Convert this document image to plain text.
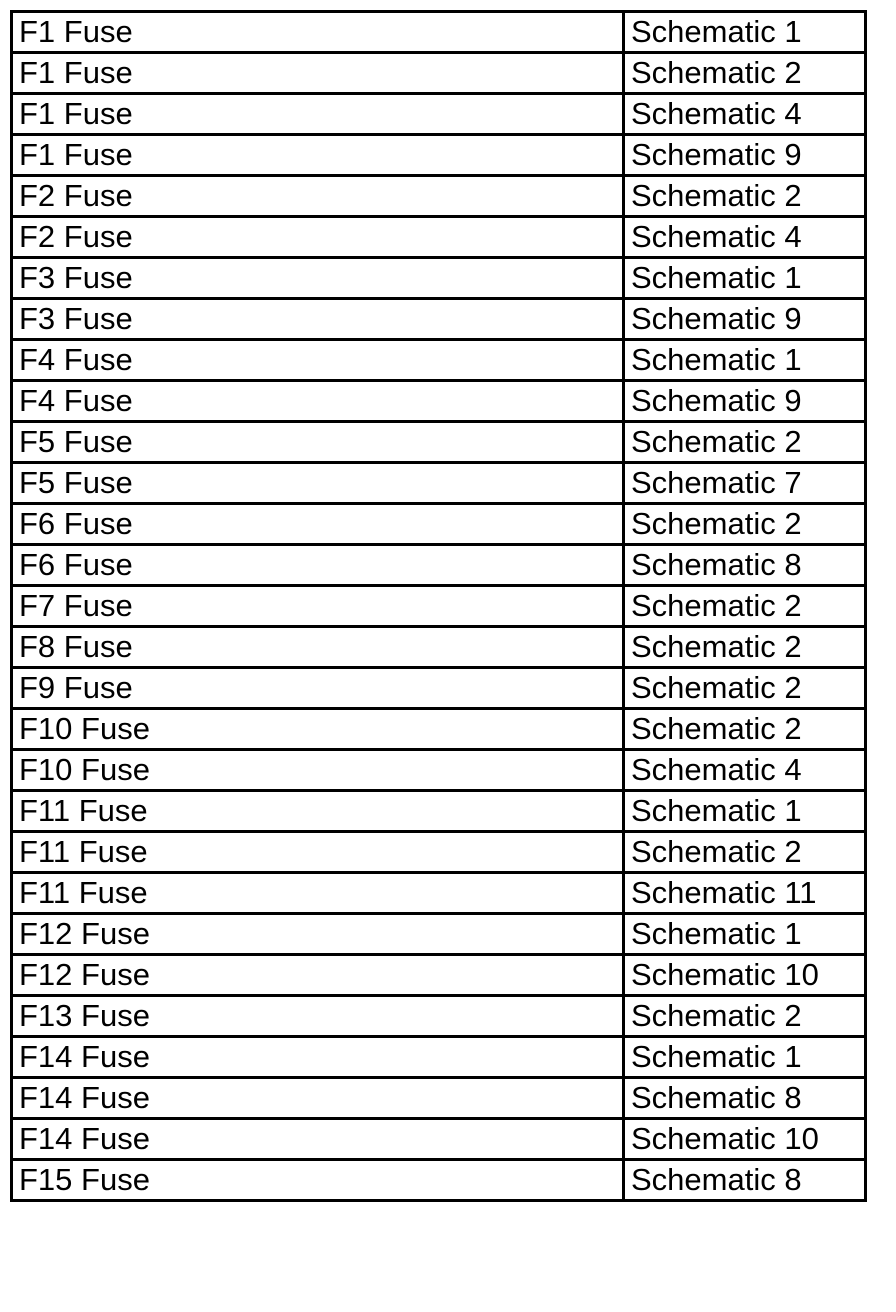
F1 Fuse	Schematic 1
F1 Fuse	Schematic 2
F1 Fuse	Schematic 4
F1 Fuse	Schematic 9
F2 Fuse	Schematic 2
F2 Fuse	Schematic 4
F3 Fuse	Schematic 1
F3 Fuse	Schematic 9
F4 Fuse	Schematic 1
F4 Fuse	Schematic 9
F5 Fuse	Schematic 2
F5 Fuse	Schematic 7
F6 Fuse	Schematic 2
F6 Fuse	Schematic 8
F7 Fuse	Schematic 2
F8 Fuse	Schematic 2
F9 Fuse	Schematic 2
F10 Fuse	Schematic 2
F10 Fuse	Schematic 4
F11 Fuse	Schematic 1
F11 Fuse	Schematic 2
F11 Fuse	Schematic 11
F12 Fuse	Schematic 1
F12 Fuse	Schematic 10
F13 Fuse	Schematic 2
F14 Fuse	Schematic 1
F14 Fuse	Schematic 8
F14 Fuse	Schematic 10
F15 Fuse	Schematic 8
